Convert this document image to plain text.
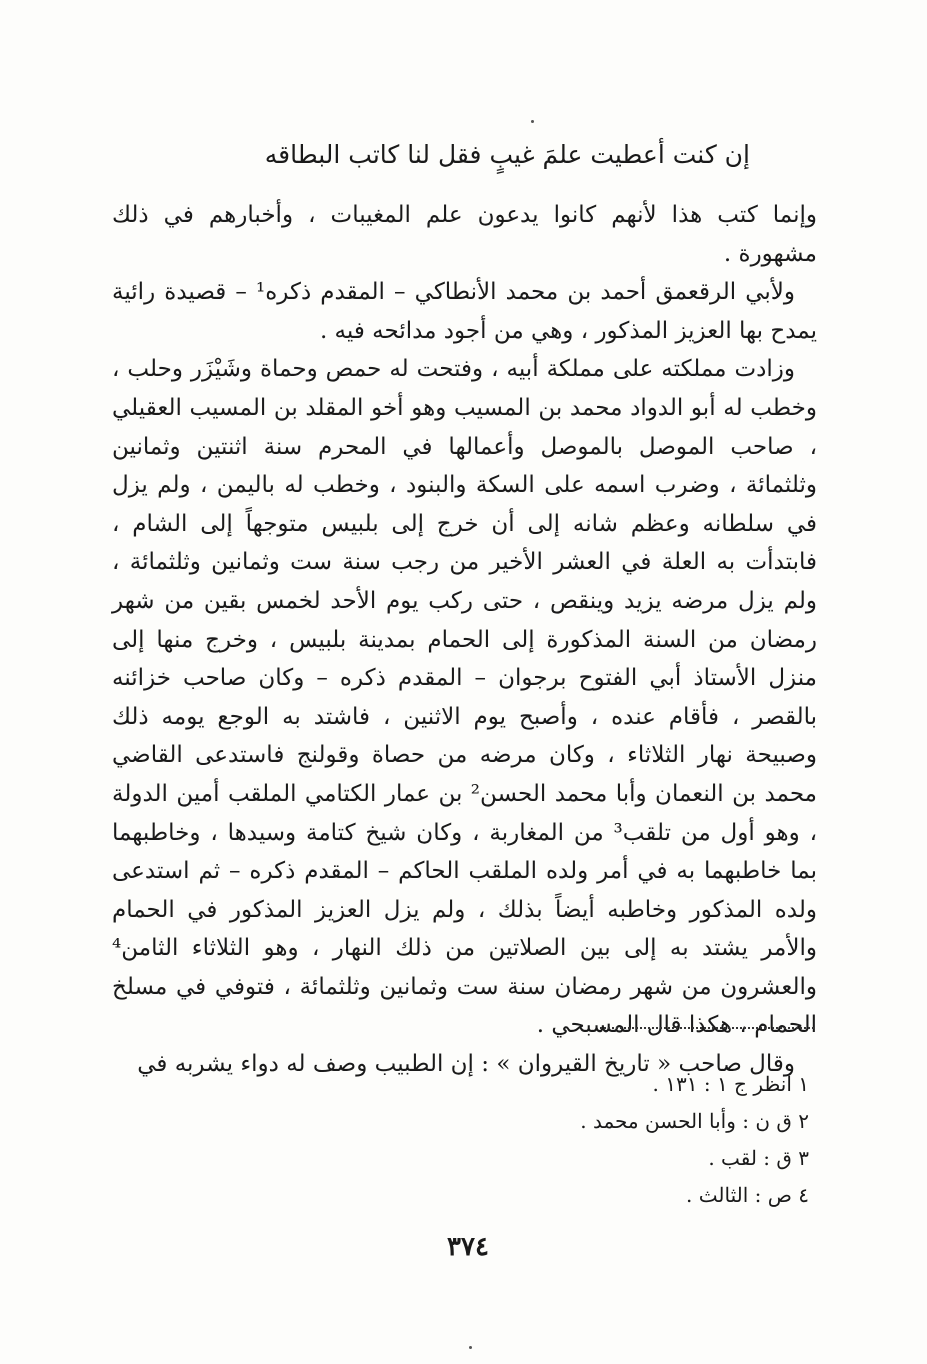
إن كنت أعطيت علمَ غيبٍ فقل لنا كاتب البطاقه

وإنما كتب هذا لأنهم كانوا يدعون علم المغيبات ، وأخبارهم في ذلك مشهورة .

ولأبي الرقعمق أحمد بن محمد الأنطاكي – المقدم ذكره¹ – قصيدة رائية يمدح بها العزيز المذكور ، وهي من أجود مدائحه فيه .

وزادت مملكته على مملكة أبيه ، وفتحت له حمص وحماة وشَيْزَر وحلب ، وخطب له أبو الدواد محمد بن المسيب وهو أخو المقلد بن المسيب العقيلي ، صاحب الموصل بالموصل وأعمالها في المحرم سنة اثنتين وثمانين وثلثمائة ، وضرب اسمه على السكة والبنود ، وخطب له باليمن ، ولم يزل في سلطانه وعظم شانه إلى أن خرج إلى بلبيس متوجهاً إلى الشام ، فابتدأت به العلة في العشر الأخير من رجب سنة ست وثمانين وثلثمائة ، ولم يزل مرضه يزيد وينقص ، حتى ركب يوم الأحد لخمس بقين من شهر رمضان من السنة المذكورة إلى الحمام بمدينة بلبيس ، وخرج منها إلى منزل الأستاذ أبي الفتوح برجوان – المقدم ذكره – وكان صاحب خزائنه بالقصر ، فأقام عنده ، وأصبح يوم الاثنين ، فاشتد به الوجع يومه ذلك وصبيحة نهار الثلاثاء ، وكان مرضه من حصاة وقولنج فاستدعى القاضي محمد بن النعمان وأبا محمد الحسن² بن عمار الكتامي الملقب أمين الدولة ، وهو أول من تلقب³ من المغاربة ، وكان شيخ كتامة وسيدها ، وخاطبهما بما خاطبهما به في أمر ولده الملقب الحاكم – المقدم ذكره – ثم استدعى ولده المذكور وخاطبه أيضاً بذلك ، ولم يزل العزيز المذكور في الحمام والأمر يشتد به إلى بين الصلاتين من ذلك النهار ، وهو الثلاثاء الثامن⁴ والعشرون من شهر رمضان سنة ست وثمانين وثلثمائة ، فتوفي في مسلخ الحمام ، هكذا قال المسبحي .

وقال صاحب « تاريخ القيروان » : إن الطبيب وصف له دواء يشربه في

١ انظر ج ١ : ١٣١ .
٢ ق ن : وأبا الحسن محمد .
٣ ق : لقب .
٤ ص : الثالث .
٣٧٤
